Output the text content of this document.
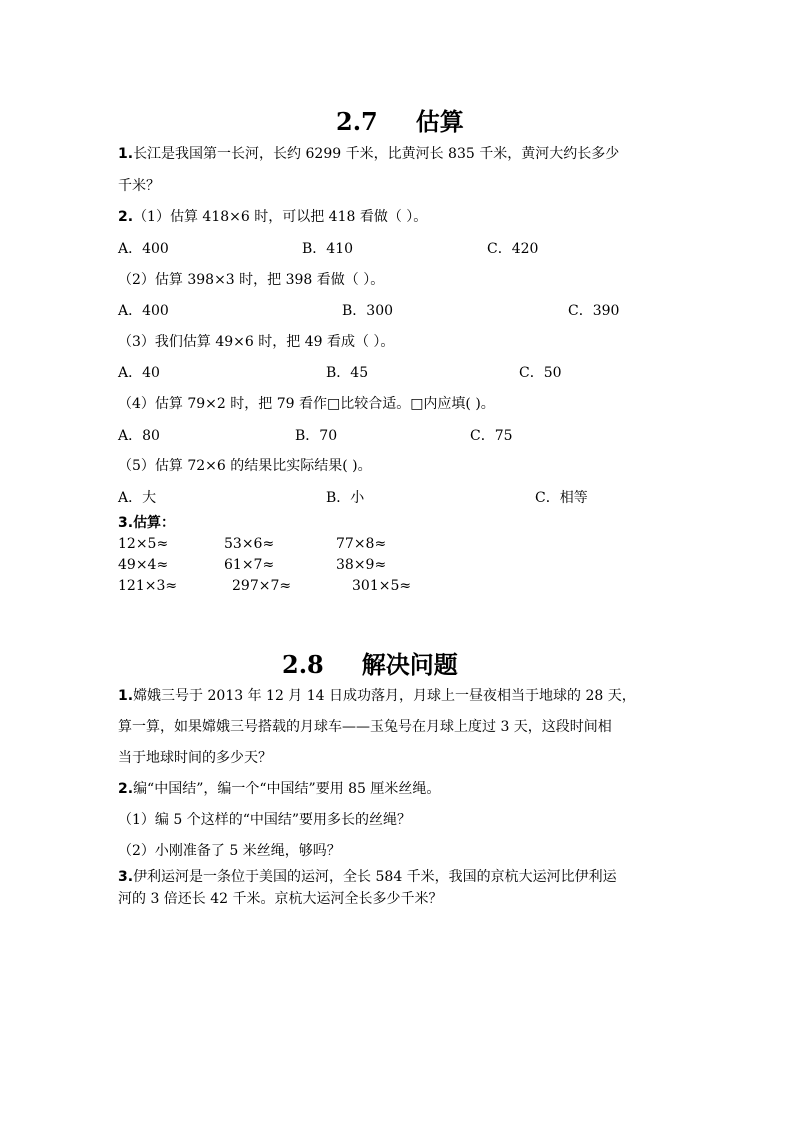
2.7 估算
1.长江是我国第一长河，长约 6299 千米，比黄河长 835 千米，黄河大约长多少
千米？
2.（1）估算 418×6 时，可以把 418 看做（ ）。
A．400	B．410	C．420
（2）估算 398×3 时，把 398 看做（ ）。
A．400	B．300	C．390
（3）我们估算 49×6 时，把 49 看成（ ）。
A．40	B．45	C．50
（4）估算 79×2 时，把 79 看作□比较合适。□内应填( )。
A．80	B．70	C．75
（5）估算 72×6 的结果比实际结果( )。
A．大	B．小	C．相等
3.估算：
12×5≈	53×6≈	77×8≈
49×4≈	61×7≈	38×9≈
121×3≈	297×7≈	301×5≈
2.8 解决问题
1.嫦娥三号于 2013 年 12 月 14 日成功落月，月球上一昼夜相当于地球的 28 天，
算一算，如果嫦娥三号搭载的月球车——玉兔号在月球上度过 3 天，这段时间相
当于地球时间的多少天？
2.编“中国结”，编一个“中国结”要用 85 厘米丝绳。
（1）编 5 个这样的“中国结”要用多长的丝绳？
（2）小刚准备了 5 米丝绳，够吗？
3.伊利运河是一条位于美国的运河，全长 584 千米，我国的京杭大运河比伊利运
河的 3 倍还长 42 千米。京杭大运河全长多少千米？
